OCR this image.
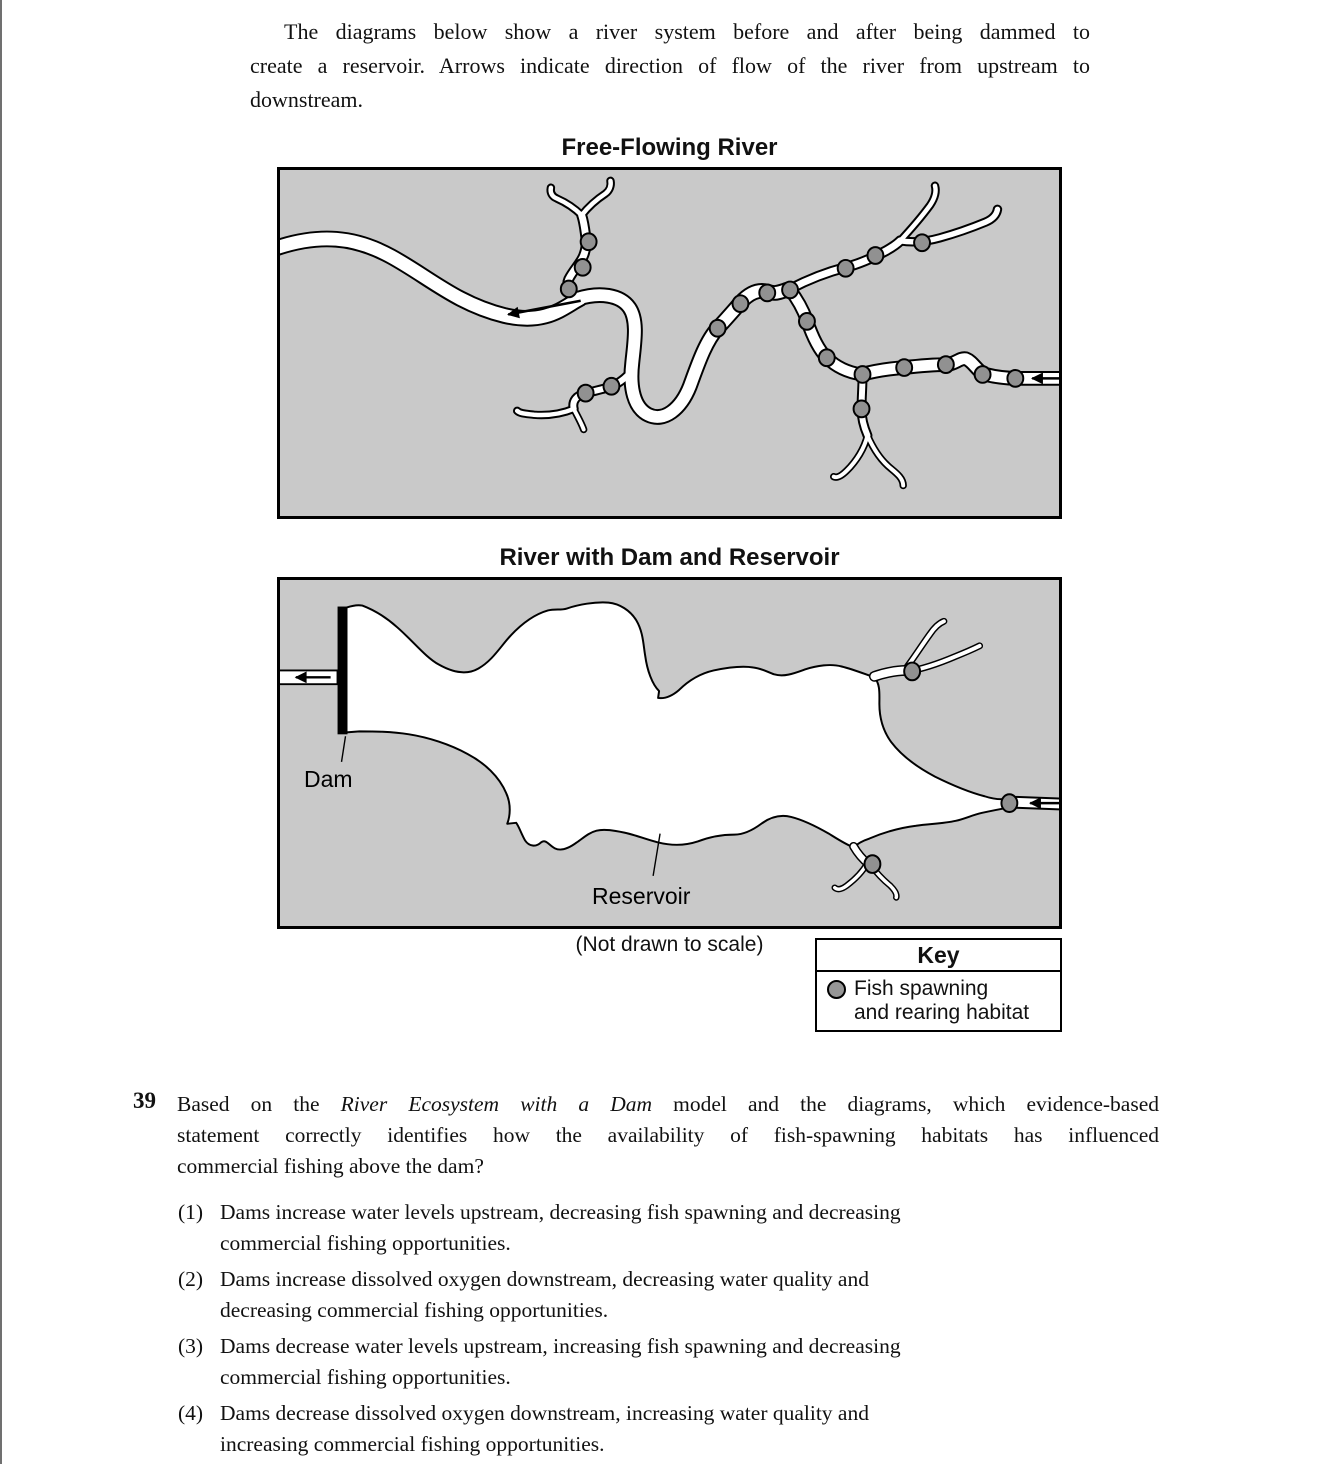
The diagrams below show a river system before and after being dammed to
create a reservoir. Arrows indicate direction of flow of the river from upstream to
downstream.
Free-Flowing River
River with Dam and Reservoir
Dam
Reservoir
(Not drawn to scale)	Key
Fish spawning
and rearing habitat
39 Based on the River Ecosystem with a Dam model and the diagrams, which evidence-based
statement correctly identifies how the availability of fish-spawning habitats has influenced
commercial fishing above the dam?
(1) Dams increase water levels upstream, decreasing fish spawning and decreasing
commercial fishing opportunities.
(2) Dams increase dissolved oxygen downstream, decreasing water quality and
decreasing commercial fishing opportunities.
(3) Dams decrease water levels upstream, increasing fish spawning and decreasing
commercial fishing opportunities.
(4) Dams decrease dissolved oxygen downstream, increasing water quality and
increasing commercial fishing opportunities.
